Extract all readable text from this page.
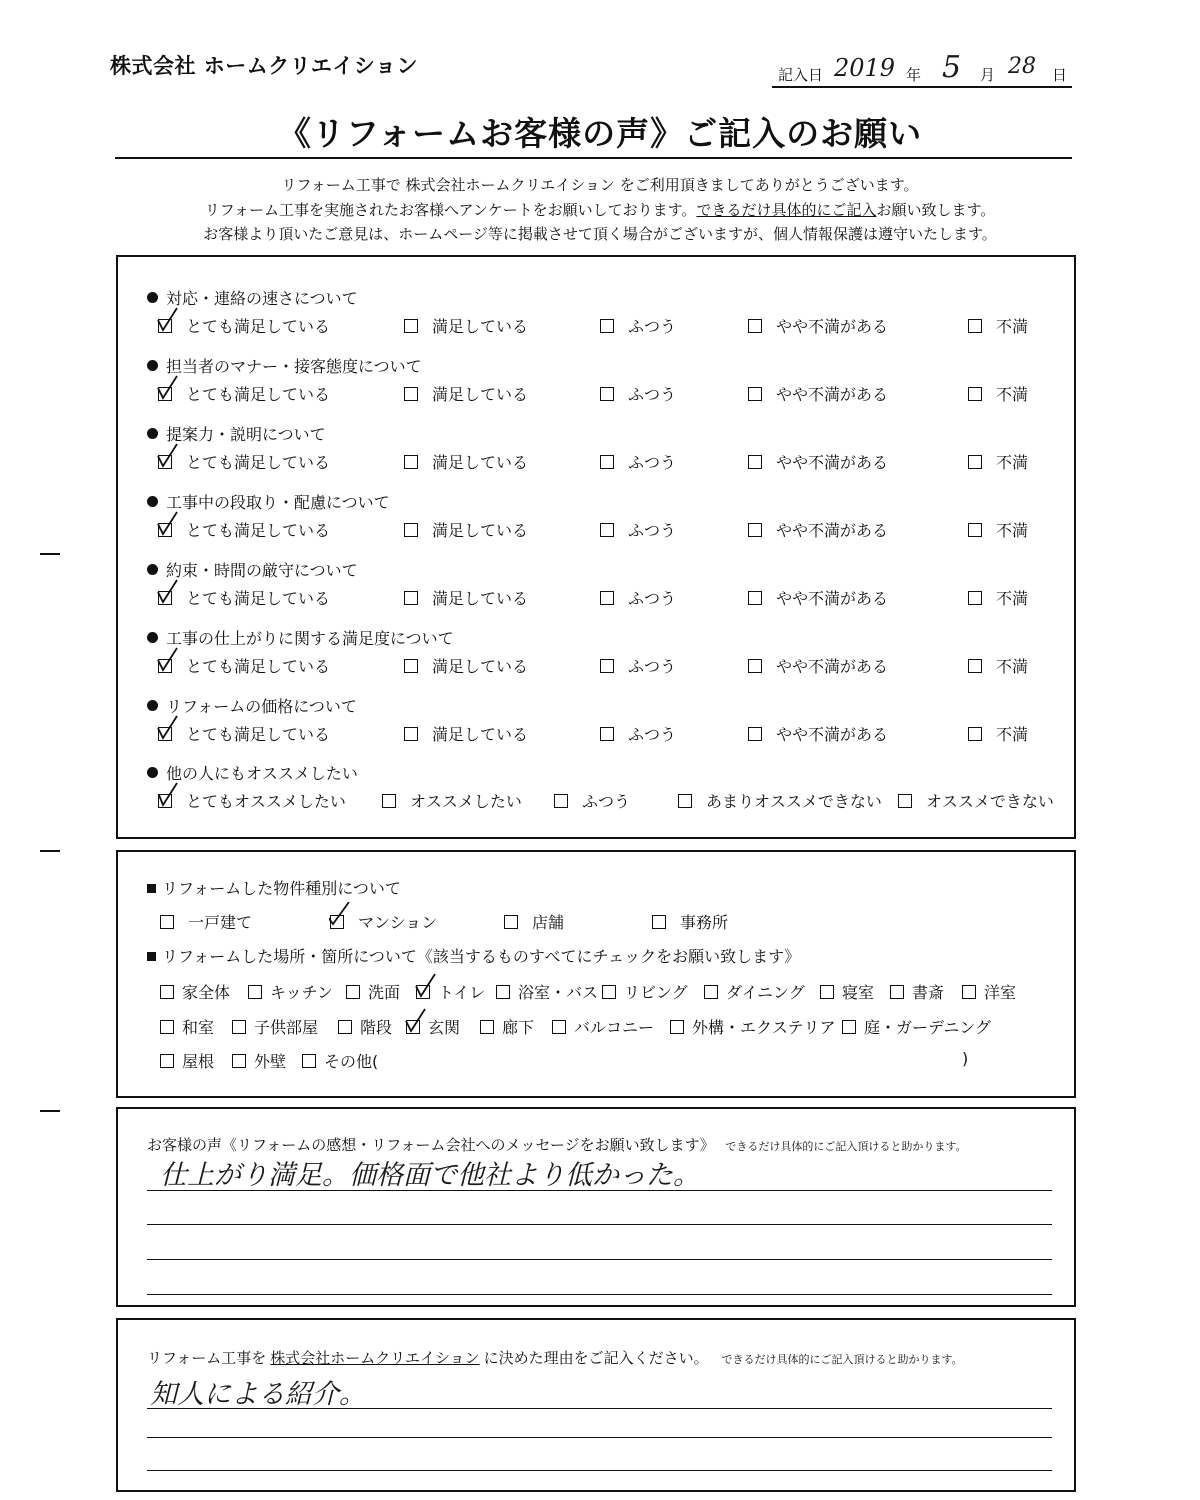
株式会社 ホームクリエイション	記入日 2019 年 5 月 28 日
《リフォームお客様の声》ご記入のお願い
リフォーム工事で 株式会社ホームクリエイション をご利用頂きましてありがとうございます。
リフォーム工事を実施されたお客様へアンケートをお願いしております。できるだけ具体的にご記入お願い致します。
お客様より頂いたご意見は、ホームページ等に掲載させて頂く場合がございますが、個人情報保護は遵守いたします。
対応・連絡の速さについて
とても満足している	満足している	ふつう	やや不満がある	不満
担当者のマナー・接客態度について
とても満足している	満足している	ふつう	やや不満がある	不満
提案力・説明について
とても満足している	満足している	ふつう	やや不満がある	不満
工事中の段取り・配慮について
とても満足している	満足している	ふつう	やや不満がある	不満
約束・時間の厳守について
とても満足している	満足している	ふつう	やや不満がある	不満
工事の仕上がりに関する満足度について
とても満足している	満足している	ふつう	やや不満がある	不満
リフォームの価格について
とても満足している	満足している	ふつう	やや不満がある	不満
他の人にもオススメしたい
とてもオススメしたい	オススメしたい	ふつう	あまりオススメできない	オススメできない
リフォームした物件種別について
一戸建て	マンション	店舗	事務所
リフォームした場所・箇所について《該当するものすべてにチェックをお願い致します》
家全体	キッチン	洗面	トイレ	浴室・バス	リビング	ダイニング	寝室	書斎	洋室
和室	子供部屋	階段	玄関	廊下	バルコニー	外構・エクステリア	庭・ガーデニング
屋根	外壁	その他(	)
お客様の声《リフォームの感想・リフォーム会社へのメッセージをお願い致します》 できるだけ具体的にご記入頂けると助かります。
仕上がり満足。価格面で他社より低かった。
リフォーム工事を 株式会社ホームクリエイション に決めた理由をご記入ください。 できるだけ具体的にご記入頂けると助かります。
知人による紹介。
